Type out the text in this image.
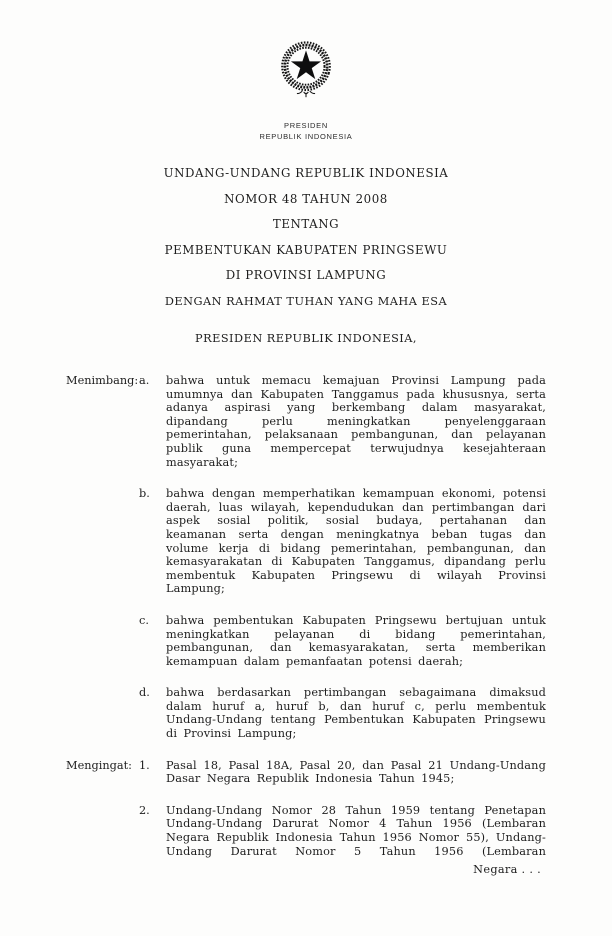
PRESIDEN
REPUBLIK INDONESIA
UNDANG-UNDANG REPUBLIK INDONESIA
NOMOR 48 TAHUN 2008
TENTANG
PEMBENTUKAN KABUPATEN PRINGSEWU
DI PROVINSI LAMPUNG
DENGAN RAHMAT TUHAN YANG MAHA ESA
PRESIDEN REPUBLIK INDONESIA,
Menimbang: a.	bahwa untuk memacu kemajuan Provinsi Lampung pada umumnya dan Kabupaten Tanggamus pada khususnya, serta adanya aspirasi yang berkembang dalam masyarakat, dipandang perlu meningkatkan penyelenggaraan pemerintahan, pelaksanaan pembangunan, dan pelayanan publik guna mempercepat terwujudnya kesejahteraan masyarakat;
b.	bahwa dengan memperhatikan kemampuan ekonomi, potensi daerah, luas wilayah, kependudukan dan pertimbangan dari aspek sosial politik, sosial budaya, pertahanan dan keamanan serta dengan meningkatnya beban tugas dan volume kerja di bidang pemerintahan, pembangunan, dan kemasyarakatan di Kabupaten Tanggamus, dipandang perlu membentuk Kabupaten Pringsewu di wilayah Provinsi Lampung;
c.	bahwa pembentukan Kabupaten Pringsewu bertujuan untuk meningkatkan pelayanan di bidang pemerintahan, pembangunan, dan kemasyarakatan, serta memberikan kemampuan dalam pemanfaatan potensi daerah;
d.	bahwa berdasarkan pertimbangan sebagaimana dimaksud dalam huruf a, huruf b, dan huruf c, perlu membentuk Undang-Undang tentang Pembentukan Kabupaten Pringsewu di Provinsi Lampung;
Mengingat: 1.	Pasal 18, Pasal 18A, Pasal 20, dan Pasal 21 Undang-Undang Dasar Negara Republik Indonesia Tahun 1945;
2.	Undang-Undang Nomor 28 Tahun 1959 tentang Penetapan Undang-Undang Darurat Nomor 4 Tahun 1956 (Lembaran Negara Republik Indonesia Tahun 1956 Nomor 55), Undang-Undang Darurat Nomor 5 Tahun 1956 (Lembaran
Negara . . .
